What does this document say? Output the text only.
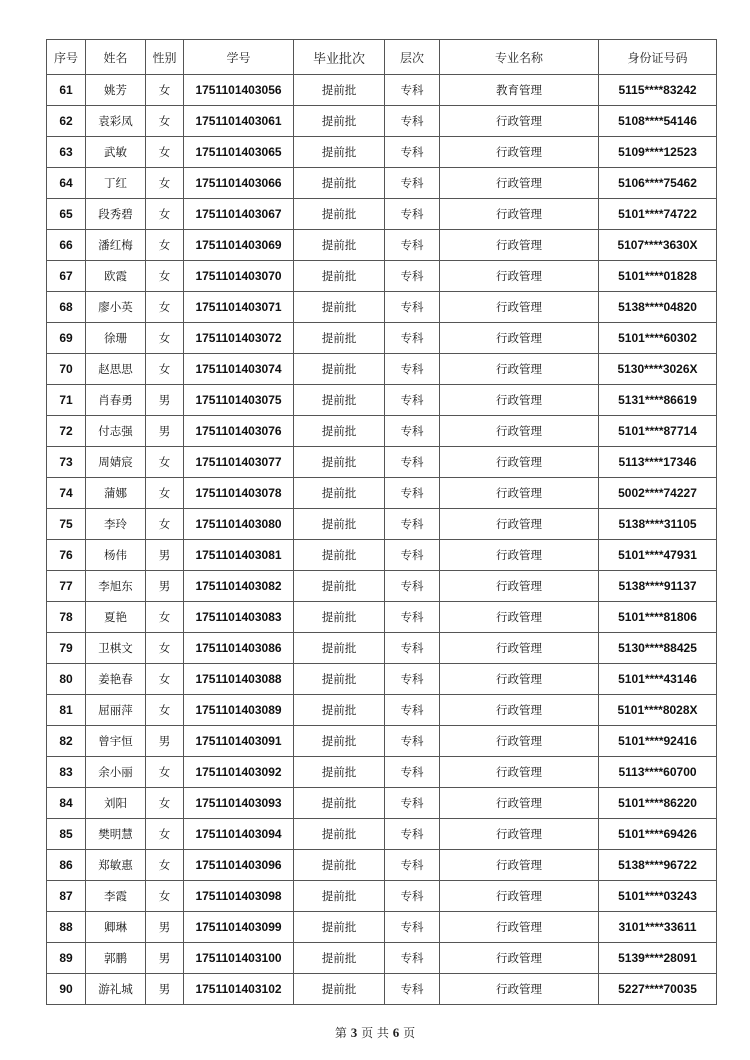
序号	姓名	性别	学号	毕业批次	层次	专业名称	身份证号码
61	姚芳	女	1751101403056	提前批	专科	教育管理	5115****83242
62	袁彩凤	女	1751101403061	提前批	专科	行政管理	5108****54146
63	武敏	女	1751101403065	提前批	专科	行政管理	5109****12523
64	丁红	女	1751101403066	提前批	专科	行政管理	5106****75462
65	段秀碧	女	1751101403067	提前批	专科	行政管理	5101****74722
66	潘红梅	女	1751101403069	提前批	专科	行政管理	5107****3630X
67	欧霞	女	1751101403070	提前批	专科	行政管理	5101****01828
68	廖小英	女	1751101403071	提前批	专科	行政管理	5138****04820
69	徐珊	女	1751101403072	提前批	专科	行政管理	5101****60302
70	赵思思	女	1751101403074	提前批	专科	行政管理	5130****3026X
71	肖春勇	男	1751101403075	提前批	专科	行政管理	5131****86619
72	付志强	男	1751101403076	提前批	专科	行政管理	5101****87714
73	周婧宸	女	1751101403077	提前批	专科	行政管理	5113****17346
74	蒲娜	女	1751101403078	提前批	专科	行政管理	5002****74227
75	李玲	女	1751101403080	提前批	专科	行政管理	5138****31105
76	杨伟	男	1751101403081	提前批	专科	行政管理	5101****47931
77	李旭东	男	1751101403082	提前批	专科	行政管理	5138****91137
78	夏艳	女	1751101403083	提前批	专科	行政管理	5101****81806
79	卫棋文	女	1751101403086	提前批	专科	行政管理	5130****88425
80	姜艳春	女	1751101403088	提前批	专科	行政管理	5101****43146
81	屈丽萍	女	1751101403089	提前批	专科	行政管理	5101****8028X
82	曾宇恒	男	1751101403091	提前批	专科	行政管理	5101****92416
83	余小丽	女	1751101403092	提前批	专科	行政管理	5113****60700
84	刘阳	女	1751101403093	提前批	专科	行政管理	5101****86220
85	樊明慧	女	1751101403094	提前批	专科	行政管理	5101****69426
86	郑敏惠	女	1751101403096	提前批	专科	行政管理	5138****96722
87	李霞	女	1751101403098	提前批	专科	行政管理	5101****03243
88	卿琳	男	1751101403099	提前批	专科	行政管理	3101****33611
89	郭鹏	男	1751101403100	提前批	专科	行政管理	5139****28091
90	游礼城	男	1751101403102	提前批	专科	行政管理	5227****70035
第 3 页 共 6 页
